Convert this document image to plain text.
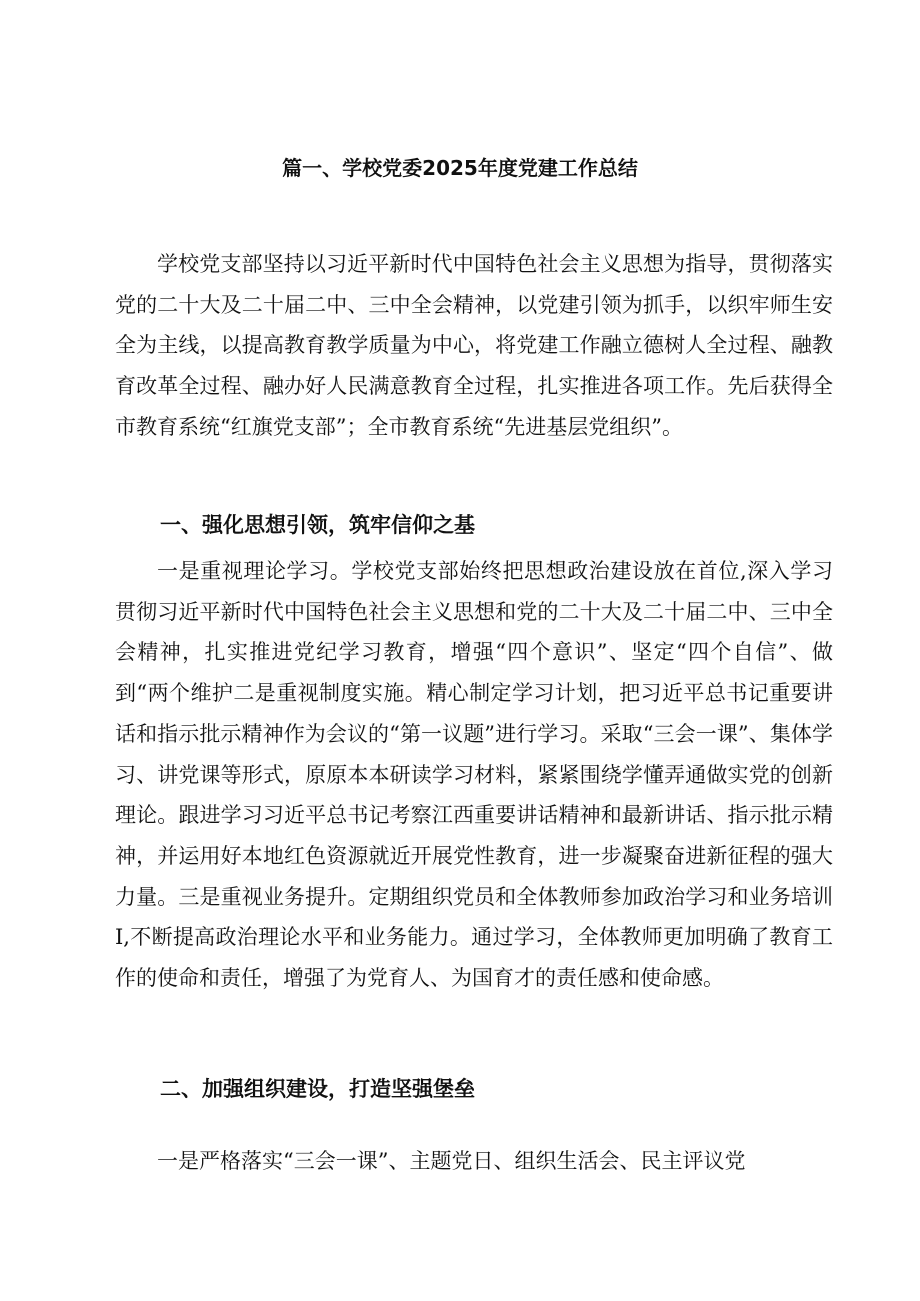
篇一、学校党委2025年度党建工作总结

学校党支部坚持以习近平新时代中国特色社会主义思想为指导，贯彻落实党的二十大及二十届二中、三中全会精神，以党建引领为抓手，以织牢师生安全为主线，以提高教育教学质量为中心，将党建工作融立德树人全过程、融教育改革全过程、融办好人民满意教育全过程，扎实推进各项工作。先后获得全市教育系统“红旗党支部”；全市教育系统“先进基层党组织”。

一、强化思想引领，筑牢信仰之基

一是重视理论学习。学校党支部始终把思想政治建设放在首位,深入学习贯彻习近平新时代中国特色社会主义思想和党的二十大及二十届二中、三中全会精神，扎实推进党纪学习教育，增强“四个意识”、坚定“四个自信”、做到“两个维护二是重视制度实施。精心制定学习计划，把习近平总书记重要讲话和指示批示精神作为会议的“第一议题”进行学习。采取“三会一课”、集体学习、讲党课等形式，原原本本研读学习材料，紧紧围绕学懂弄通做实党的创新理论。跟进学习习近平总书记考察江西重要讲话精神和最新讲话、指示批示精神，并运用好本地红色资源就近开展党性教育，进一步凝聚奋进新征程的强大力量。三是重视业务提升。定期组织党员和全体教师参加政治学习和业务培训I,不断提高政治理论水平和业务能力。通过学习，全体教师更加明确了教育工作的使命和责任，增强了为党育人、为国育才的责任感和使命感。

二、加强组织建设，打造坚强堡垒

一是严格落实“三会一课”、主题党日、组织生活会、民主评议党
